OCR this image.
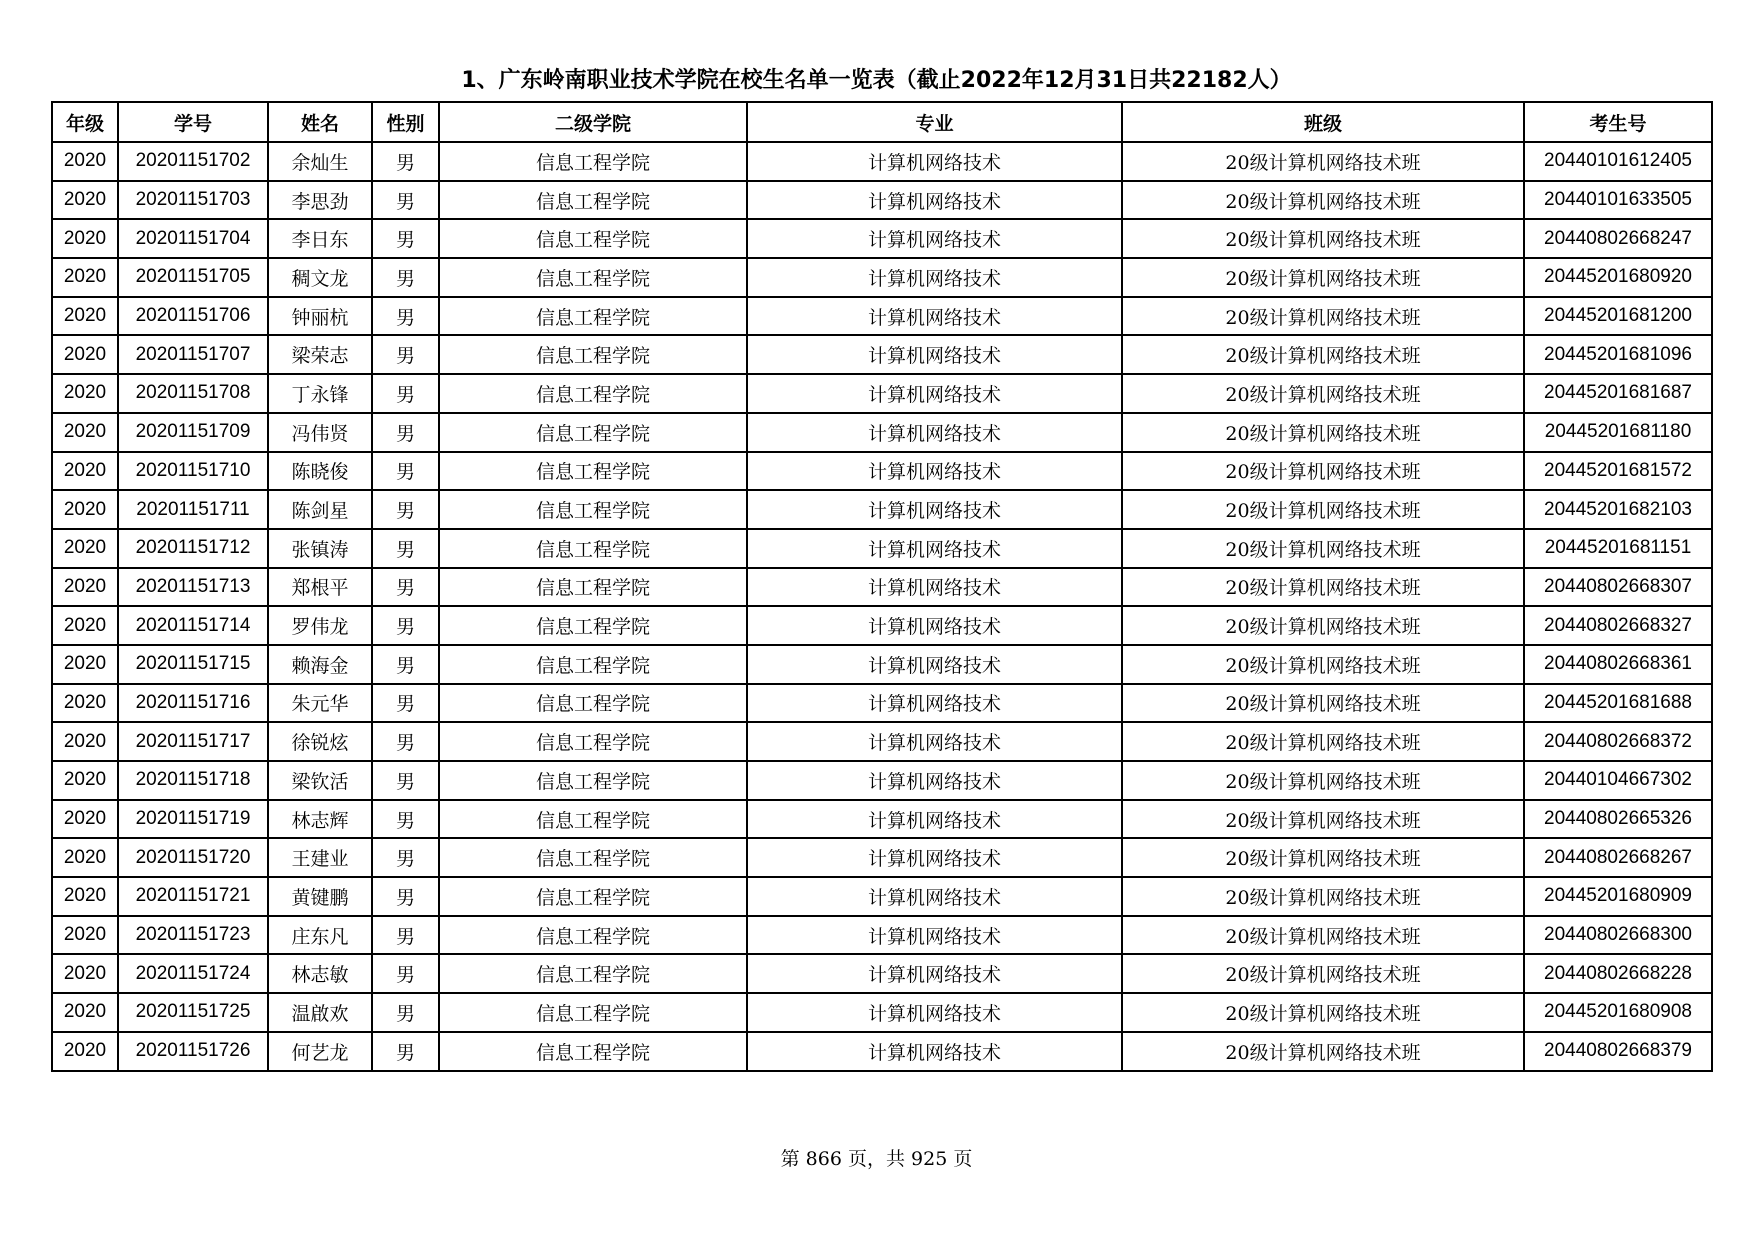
1、广东岭南职业技术学院在校生名单一览表（截止2022年12月31日共22182人）
年级	学号	姓名	性别	二级学院	专业	班级	考生号
2020	20201151702	余灿生	男	信息工程学院	计算机网络技术	20级计算机网络技术班	20440101612405
2020	20201151703	李思劲	男	信息工程学院	计算机网络技术	20级计算机网络技术班	20440101633505
2020	20201151704	李日东	男	信息工程学院	计算机网络技术	20级计算机网络技术班	20440802668247
2020	20201151705	稠文龙	男	信息工程学院	计算机网络技术	20级计算机网络技术班	20445201680920
2020	20201151706	钟丽杭	男	信息工程学院	计算机网络技术	20级计算机网络技术班	20445201681200
2020	20201151707	梁荣志	男	信息工程学院	计算机网络技术	20级计算机网络技术班	20445201681096
2020	20201151708	丁永锋	男	信息工程学院	计算机网络技术	20级计算机网络技术班	20445201681687
2020	20201151709	冯伟贤	男	信息工程学院	计算机网络技术	20级计算机网络技术班	20445201681180
2020	20201151710	陈晓俊	男	信息工程学院	计算机网络技术	20级计算机网络技术班	20445201681572
2020	20201151711	陈剑星	男	信息工程学院	计算机网络技术	20级计算机网络技术班	20445201682103
2020	20201151712	张镇涛	男	信息工程学院	计算机网络技术	20级计算机网络技术班	20445201681151
2020	20201151713	郑根平	男	信息工程学院	计算机网络技术	20级计算机网络技术班	20440802668307
2020	20201151714	罗伟龙	男	信息工程学院	计算机网络技术	20级计算机网络技术班	20440802668327
2020	20201151715	赖海金	男	信息工程学院	计算机网络技术	20级计算机网络技术班	20440802668361
2020	20201151716	朱元华	男	信息工程学院	计算机网络技术	20级计算机网络技术班	20445201681688
2020	20201151717	徐锐炫	男	信息工程学院	计算机网络技术	20级计算机网络技术班	20440802668372
2020	20201151718	梁钦活	男	信息工程学院	计算机网络技术	20级计算机网络技术班	20440104667302
2020	20201151719	林志辉	男	信息工程学院	计算机网络技术	20级计算机网络技术班	20440802665326
2020	20201151720	王建业	男	信息工程学院	计算机网络技术	20级计算机网络技术班	20440802668267
2020	20201151721	黄键鹏	男	信息工程学院	计算机网络技术	20级计算机网络技术班	20445201680909
2020	20201151723	庄东凡	男	信息工程学院	计算机网络技术	20级计算机网络技术班	20440802668300
2020	20201151724	林志敏	男	信息工程学院	计算机网络技术	20级计算机网络技术班	20440802668228
2020	20201151725	温啟欢	男	信息工程学院	计算机网络技术	20级计算机网络技术班	20445201680908
2020	20201151726	何艺龙	男	信息工程学院	计算机网络技术	20级计算机网络技术班	20440802668379
第 866 页，共 925 页
